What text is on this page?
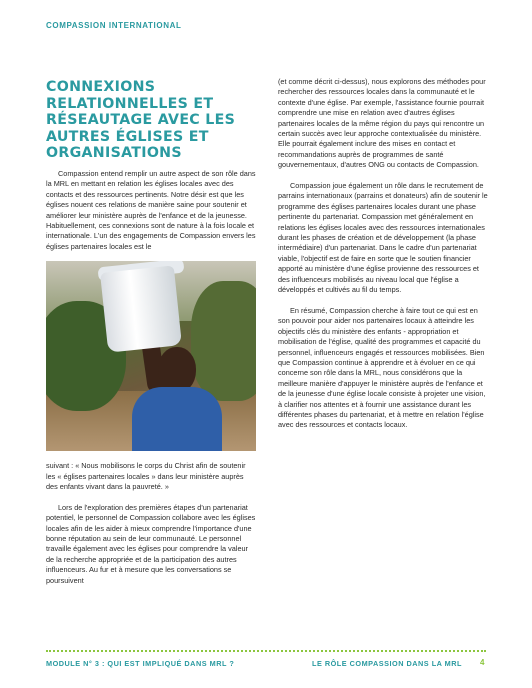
COMPASSION INTERNATIONAL
CONNEXIONS RELATIONNELLES ET RÉSEAUTAGE AVEC LES AUTRES ÉGLISES ET ORGANISATIONS

Compassion entend remplir un autre aspect de son rôle dans la MRL en mettant en relation les églises locales avec des contacts et des ressources pertinents. Notre désir est que les églises nouent ces relations de manière saine pour soutenir et améliorer leur ministère auprès de l'enfance et de la jeunesse. Habituellement, ces connexions sont de nature à la fois locale et internationale. L'un des engagements de Compassion envers les églises partenaires locales est le

suivant : « Nous mobilisons le corps du Christ afin de soutenir les « églises partenaires locales » dans leur ministère auprès des enfants vivant dans la pauvreté. »

Lors de l'exploration des premières étapes d'un partenariat potentiel, le personnel de Compassion collabore avec les églises locales afin de les aider à mieux comprendre l'importance d'une bonne réputation au sein de leur communauté. Le personnel travaille également avec les églises pour comprendre la valeur de la recherche appropriée et de la participation des autres influenceurs. Au fur et à mesure que les conversations se poursuivent

(et comme décrit ci-dessus), nous explorons des méthodes pour rechercher des ressources locales dans la communauté et le contexte d'une église. Par exemple, l'assistance fournie pourrait comprendre une mise en relation avec d'autres églises partenaires locales de la même région du pays qui rencontre un certain succès avec leur approche contextualisée du ministère. Elle pourrait également inclure des mises en contact et recommandations auprès de programmes de santé gouvernementaux, d'autres ONG ou contacts de Compassion.

Compassion joue également un rôle dans le recrutement de parrains internationaux (parrains et donateurs) afin de soutenir le programme des églises partenaires locales durant une phase pertinente du partenariat. Compassion met généralement en relations les églises locales avec des ressources internationales durant les phases de création et de développement (la phase intermédiaire) d'un partenariat. Dans le cadre d'un partenariat viable, l'objectif est de faire en sorte que le soutien financier apporté au ministère d'une église provienne des ressources et des influenceurs mobilisés au niveau local que l'église a développés et cultivés au fil du temps.

En résumé, Compassion cherche à faire tout ce qui est en son pouvoir pour aider nos partenaires locaux à atteindre les objectifs clés du ministère des enfants - appropriation et mobilisation de l'église, qualité des programmes et capacité du personnel, influenceurs engagés et ressources mobilisées. Bien que Compassion continue à apprendre et à évoluer en ce qui concerne son rôle dans la MRL, nous considérons que la meilleure manière d'appuyer le ministère auprès de l'enfance et de la jeunesse d'une église locale consiste à projeter une vision, à clarifier nos attentes et à fournir une assistance durant les différentes phases du partenariat, et à mettre en relation l'église avec des ressources et contacts locaux.

MODULE N° 3 : QUI EST IMPLIQUÉ DANS MRL ?	LE RÔLE COMPASSION DANS LA MRL 4
